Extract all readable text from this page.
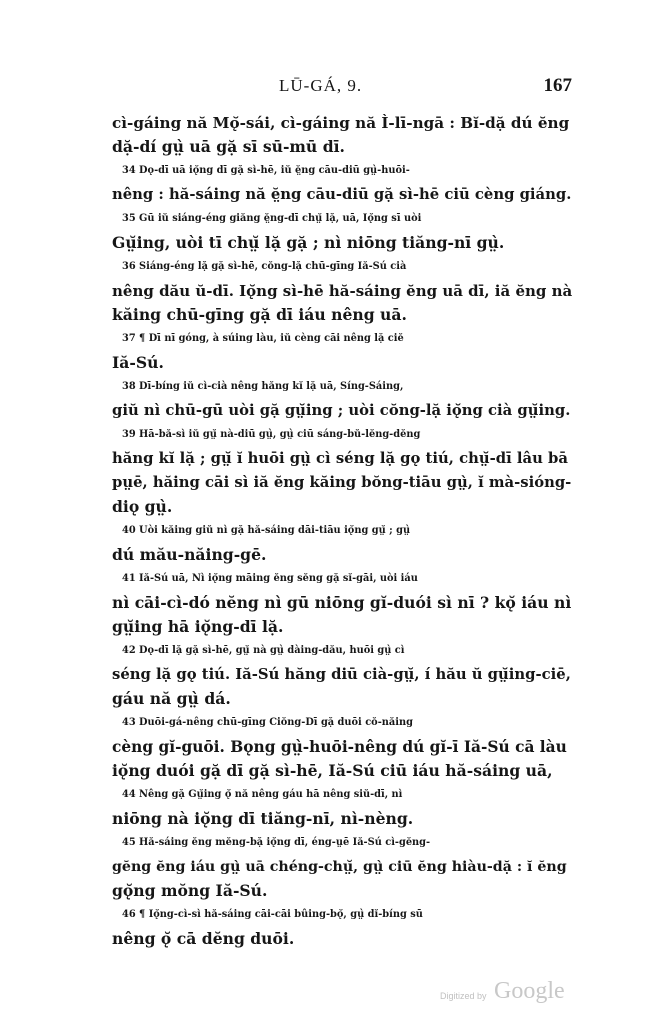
LŪ-GÁ, 9.	167

cì-gáing nă Mǫ̆-sái, cì-gáing nă Ì-lī-ngā : Bĭ-dặ dú ĕng
dặ-dí gṳ̀ uā gặ sī sū-mū dī.
34 Dǫ-dī uā iǫ̆ng dī gặ sì-hē, iŭ ĕ̤ng cāu-diū gṳ̀-huōi-
nêng : hă-sáing nă ĕ̤ng cāu-diū gặ sì-hē ciū cèng giáng.
35 Gū iŭ siáng-éng giăng ĕ̤ng-dī chṳ̆ lặ, uā, Iǫ̆ng sī uòi
Gṳ̆ing, uòi tī chṳ̆ lặ gặ ; nì niōng tiăng-nī gṳ̀.
36 Siáng-éng lặ gặ sì-hē, cŏng-lặ chū-gīng Iă-Sú cià
nêng dău ŭ-dī. Iǫ̆ng sì-hē hă-sáing ĕng uā dī, iă ĕng nà
kăing chū-gīng gặ dī iáu nêng uā.
37 ¶ Dī nī góng, à súing làu, iŭ cèng cāi nêng lặ ciĕ
Iă-Sú.
38 Dī-bíng iŭ cì-cià nêng hăng kĭ lặ uā, Síng-Sáing,
giŭ nì chū-gū uòi gặ gṳ̆ing ; uòi cŏng-lặ iǫ̆ng cià gṳ̆ing.
39 Hā-bă-sì iŭ gṳ̆ nà-diū gṳ̀, gṳ̀ ciū sáng-bŭ-lĕng-dĕng
hăng kĭ lặ ; gṳ̆ ĭ huōi gṳ̀ cì séng lặ gǫ tiú, chṳ̆-dī lâu bā
pṳē, hăing cāi sì iă ĕng kăing bŏng-tiāu gṳ̀, ĭ mà-sióng-
diǫ gṳ̀.
40 Uòi kăing giŭ nì gặ hă-sáing dāi-tiāu iǫ̆ng gṳ̆ ; gṳ̀
dú mău-năing-gē.
41 Iă-Sú uā, Nì iǫ̆ng māing ĕng sĕng gặ sĭ-gāi, uòi iáu
nì cāi-cì-dó nĕng nì gū niōng gĭ-duói sì nī ? kǫ̆ iáu nì
gṳ̆ing hā iǫ̆ng-dī lặ.
42 Dǫ-dī lặ gặ sì-hē, gṳ̆ nà gṳ̀ dàing-dău, huōi gṳ̀ cì
séng lặ gǫ tiú. Iă-Sú hăng diū cià-gṳ̆, í hău ŭ gṳ̆ing-ciē,
gáu nă gṳ̀ dá.
43 Duōi-gá-nêng chū-gīng Ciŏng-Dī gặ duōi cŏ-năing
cèng gĭ-guōi. Bǫng gṳ̀-huōi-nêng dú gĭ-ī Iă-Sú cā làu
iǫ̆ng duói gặ dī gặ sì-hē, Iă-Sú ciū iáu hă-sáing uā,
44 Nêng gặ Gṳ̆ing ǫ̆ nă nêng gáu hā nêng siŭ-dī, nì
niōng nà iǫ̆ng dī tiăng-nī, nì-nèng.
45 Hă-sáing ĕng mĕng-bặ iǫ̆ng dī, éng-ṳē Iă-Sú cì-gĕng-
gĕng ĕng iáu gṳ̀ uā chéng-chṳ̆, gṳ̀ ciū ĕng hiàu-dặ : ĭ ĕng
gǫ̆ng mŏng Iă-Sú.
46 ¶ Iǫ̆ng-cì-sì hă-sáing cāi-cāi bûing-bǫ̆, gṳ̀ dĭ-bíng sū
nêng ǫ̆ cā dĕng duōi.

Digitized by Google
